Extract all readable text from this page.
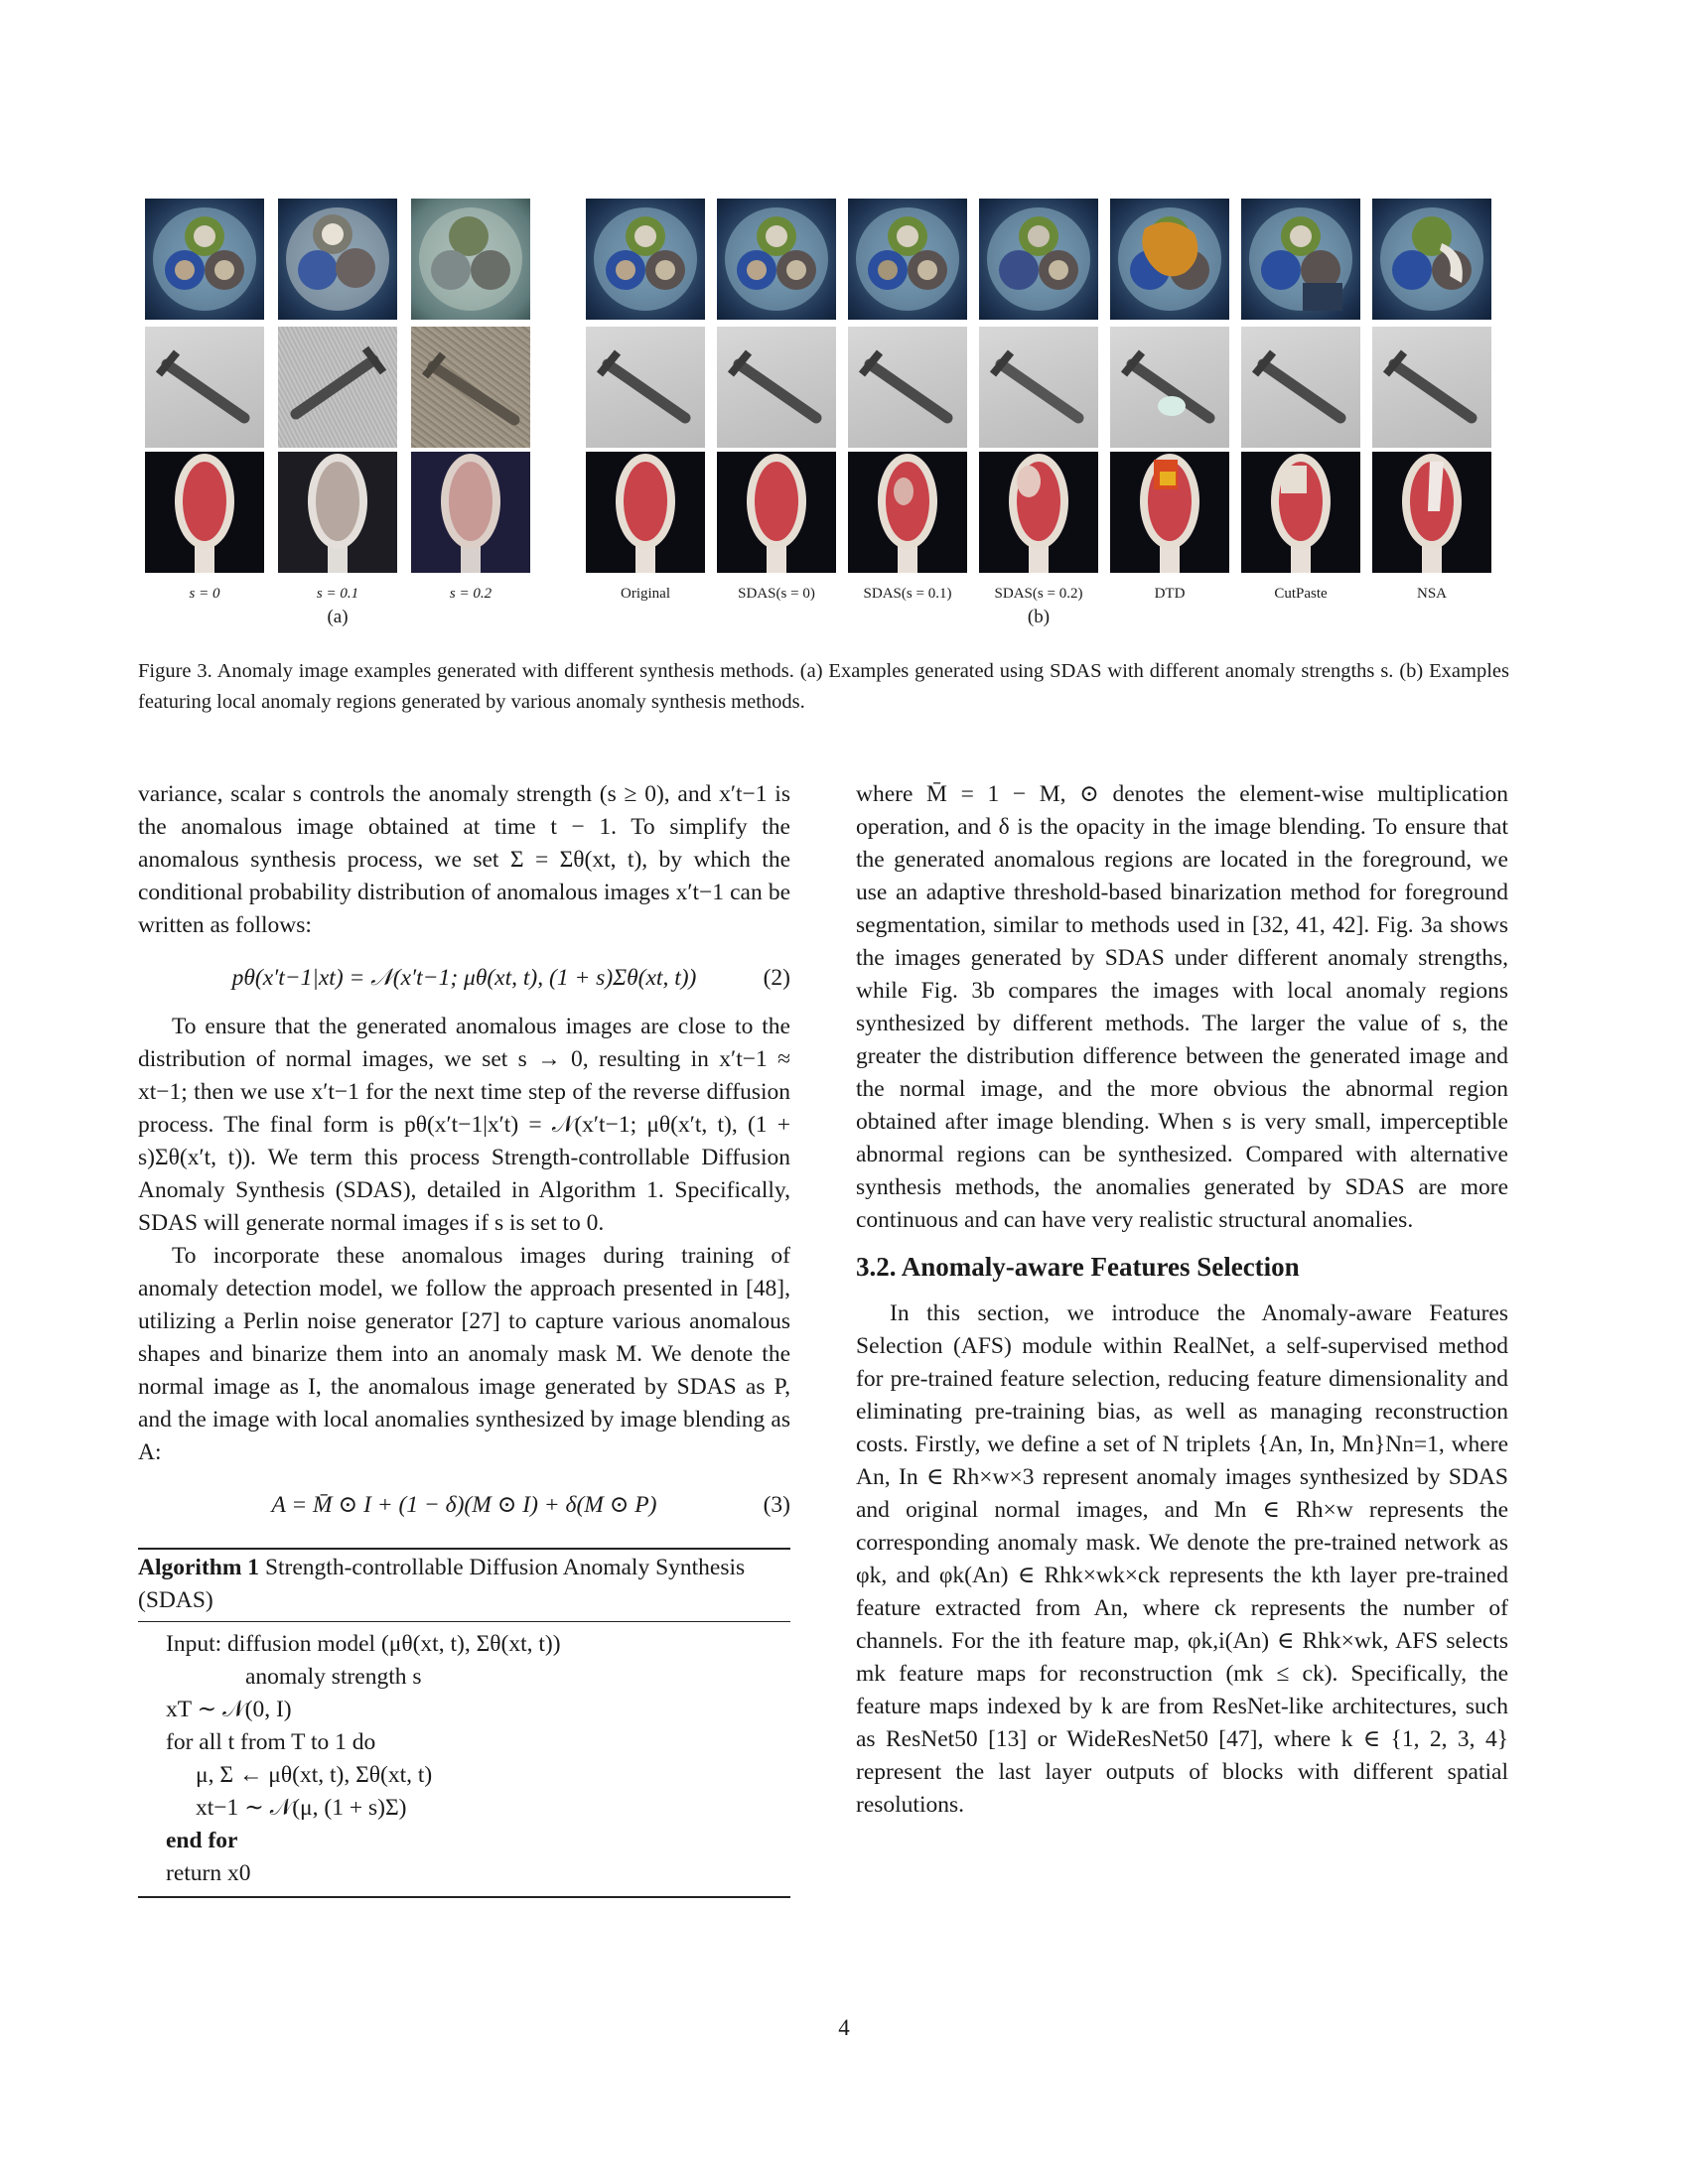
s = 0	s = 0.1	s = 0.2
(a)
Original	SDAS(s = 0)	SDAS(s = 0.1)	SDAS(s = 0.2)	DTD	CutPaste	NSA
(b)
Figure 3. Anomaly image examples generated with different synthesis methods. (a) Examples generated using SDAS with different anomaly strengths s. (b) Examples featuring local anomaly regions generated by various anomaly synthesis methods.

variance, scalar s controls the anomaly strength (s ≥ 0), and x′t−1 is the anomalous image obtained at time t − 1. To simplify the anomalous synthesis process, we set Σ = Σθ(xt, t), by which the conditional probability distribution of anomalous images x′t−1 can be written as follows:

pθ(x′t−1|xt) = 𝒩(x′t−1; μθ(xt, t), (1 + s)Σθ(xt, t))	(2)

To ensure that the generated anomalous images are close to the distribution of normal images, we set s → 0, resulting in x′t−1 ≈ xt−1; then we use x′t−1 for the next time step of the reverse diffusion process. The final form is pθ(x′t−1|x′t) = 𝒩(x′t−1; μθ(x′t, t), (1 + s)Σθ(x′t, t)). We term this process Strength-controllable Diffusion Anomaly Synthesis (SDAS), detailed in Algorithm 1. Specifically, SDAS will generate normal images if s is set to 0.

To incorporate these anomalous images during training of anomaly detection model, we follow the approach presented in [48], utilizing a Perlin noise generator [27] to capture various anomalous shapes and binarize them into an anomaly mask M. We denote the normal image as I, the anomalous image generated by SDAS as P, and the image with local anomalies synthesized by image blending as A:

A = M̄ ⊙ I + (1 − δ)(M ⊙ I) + δ(M ⊙ P)	(3)
Algorithm 1 Strength-controllable Diffusion Anomaly Synthesis (SDAS)
Input: diffusion model (μθ(xt, t), Σθ(xt, t))
anomaly strength s
xT ∼ 𝒩(0, I)
for all t from T to 1 do
μ, Σ ← μθ(xt, t), Σθ(xt, t)
xt−1 ∼ 𝒩(μ, (1 + s)Σ)
end for
return x0

where M̄ = 1 − M, ⊙ denotes the element-wise multiplication operation, and δ is the opacity in the image blending. To ensure that the generated anomalous regions are located in the foreground, we use an adaptive threshold-based binarization method for foreground segmentation, similar to methods used in [32, 41, 42]. Fig. 3a shows the images generated by SDAS under different anomaly strengths, while Fig. 3b compares the images with local anomaly regions synthesized by different methods. The larger the value of s, the greater the distribution difference between the generated image and the normal image, and the more obvious the abnormal region obtained after image blending. When s is very small, imperceptible abnormal regions can be synthesized. Compared with alternative synthesis methods, the anomalies generated by SDAS are more continuous and can have very realistic structural anomalies.

3.2. Anomaly-aware Features Selection

In this section, we introduce the Anomaly-aware Features Selection (AFS) module within RealNet, a self-supervised method for pre-trained feature selection, reducing feature dimensionality and eliminating pre-training bias, as well as managing reconstruction costs. Firstly, we define a set of N triplets {An, In, Mn}Nn=1, where An, In ∈ Rh×w×3 represent anomaly images synthesized by SDAS and original normal images, and Mn ∈ Rh×w represents the corresponding anomaly mask. We denote the pre-trained network as φk, and φk(An) ∈ Rhk×wk×ck represents the kth layer pre-trained feature extracted from An, where ck represents the number of channels. For the ith feature map, φk,i(An) ∈ Rhk×wk, AFS selects mk feature maps for reconstruction (mk ≤ ck). Specifically, the feature maps indexed by k are from ResNet-like architectures, such as ResNet50 [13] or WideResNet50 [47], where k ∈ {1, 2, 3, 4} represent the last layer outputs of blocks with different spatial resolutions.

4
